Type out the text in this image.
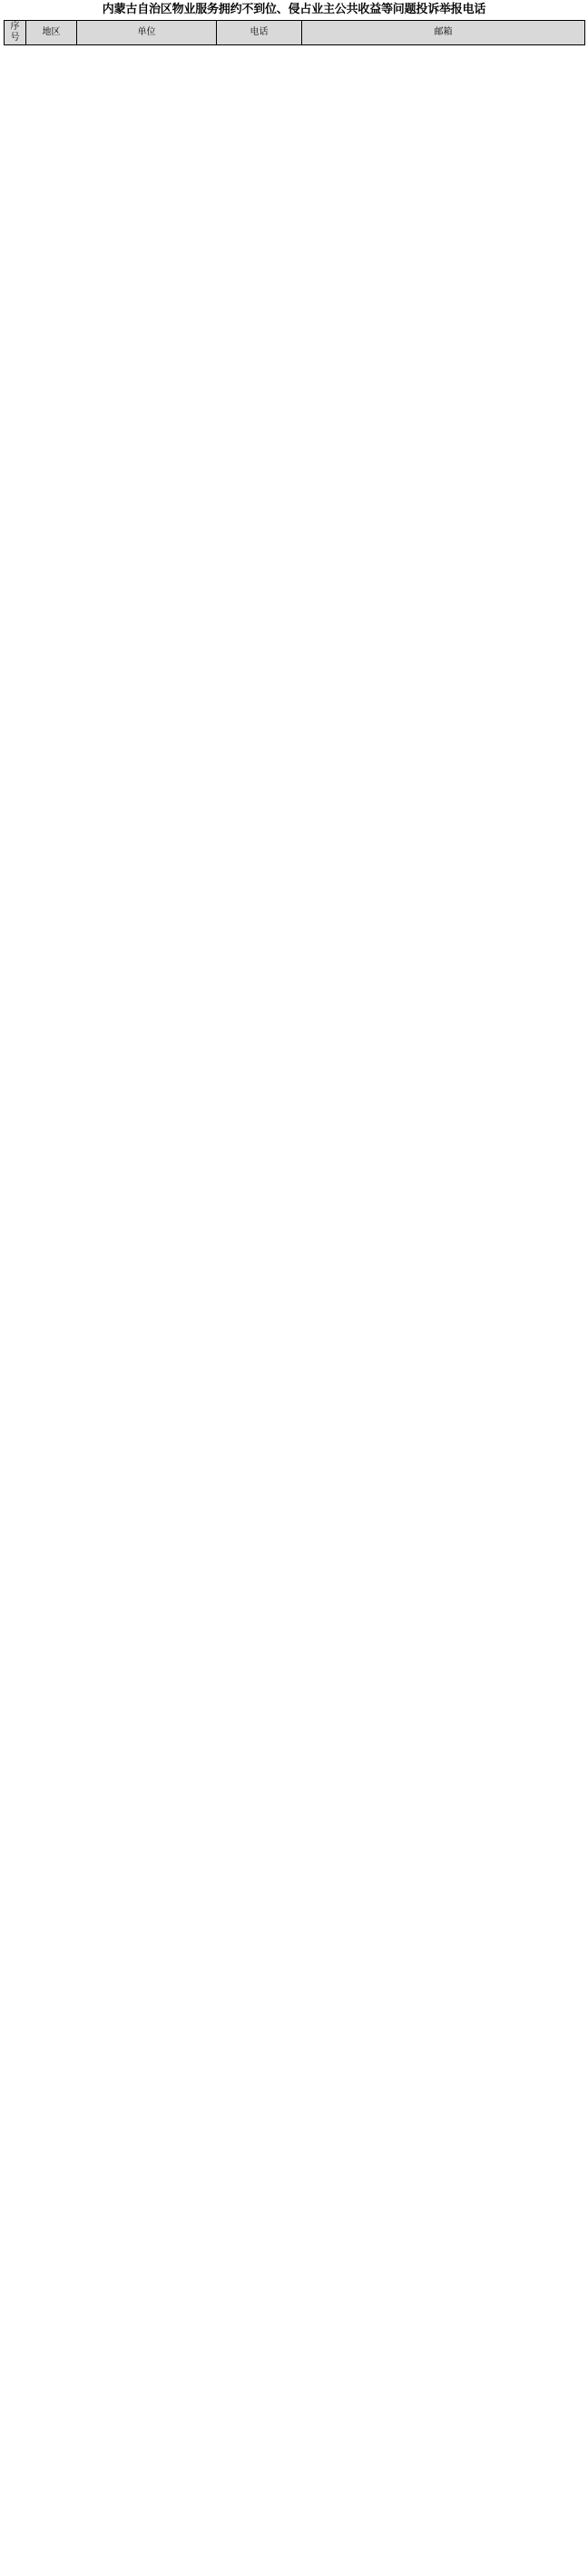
内蒙古自治区物业服务拥约不到位、侵占业主公共收益等问题投诉举报电话
序号	地区	单位	电话	邮箱
